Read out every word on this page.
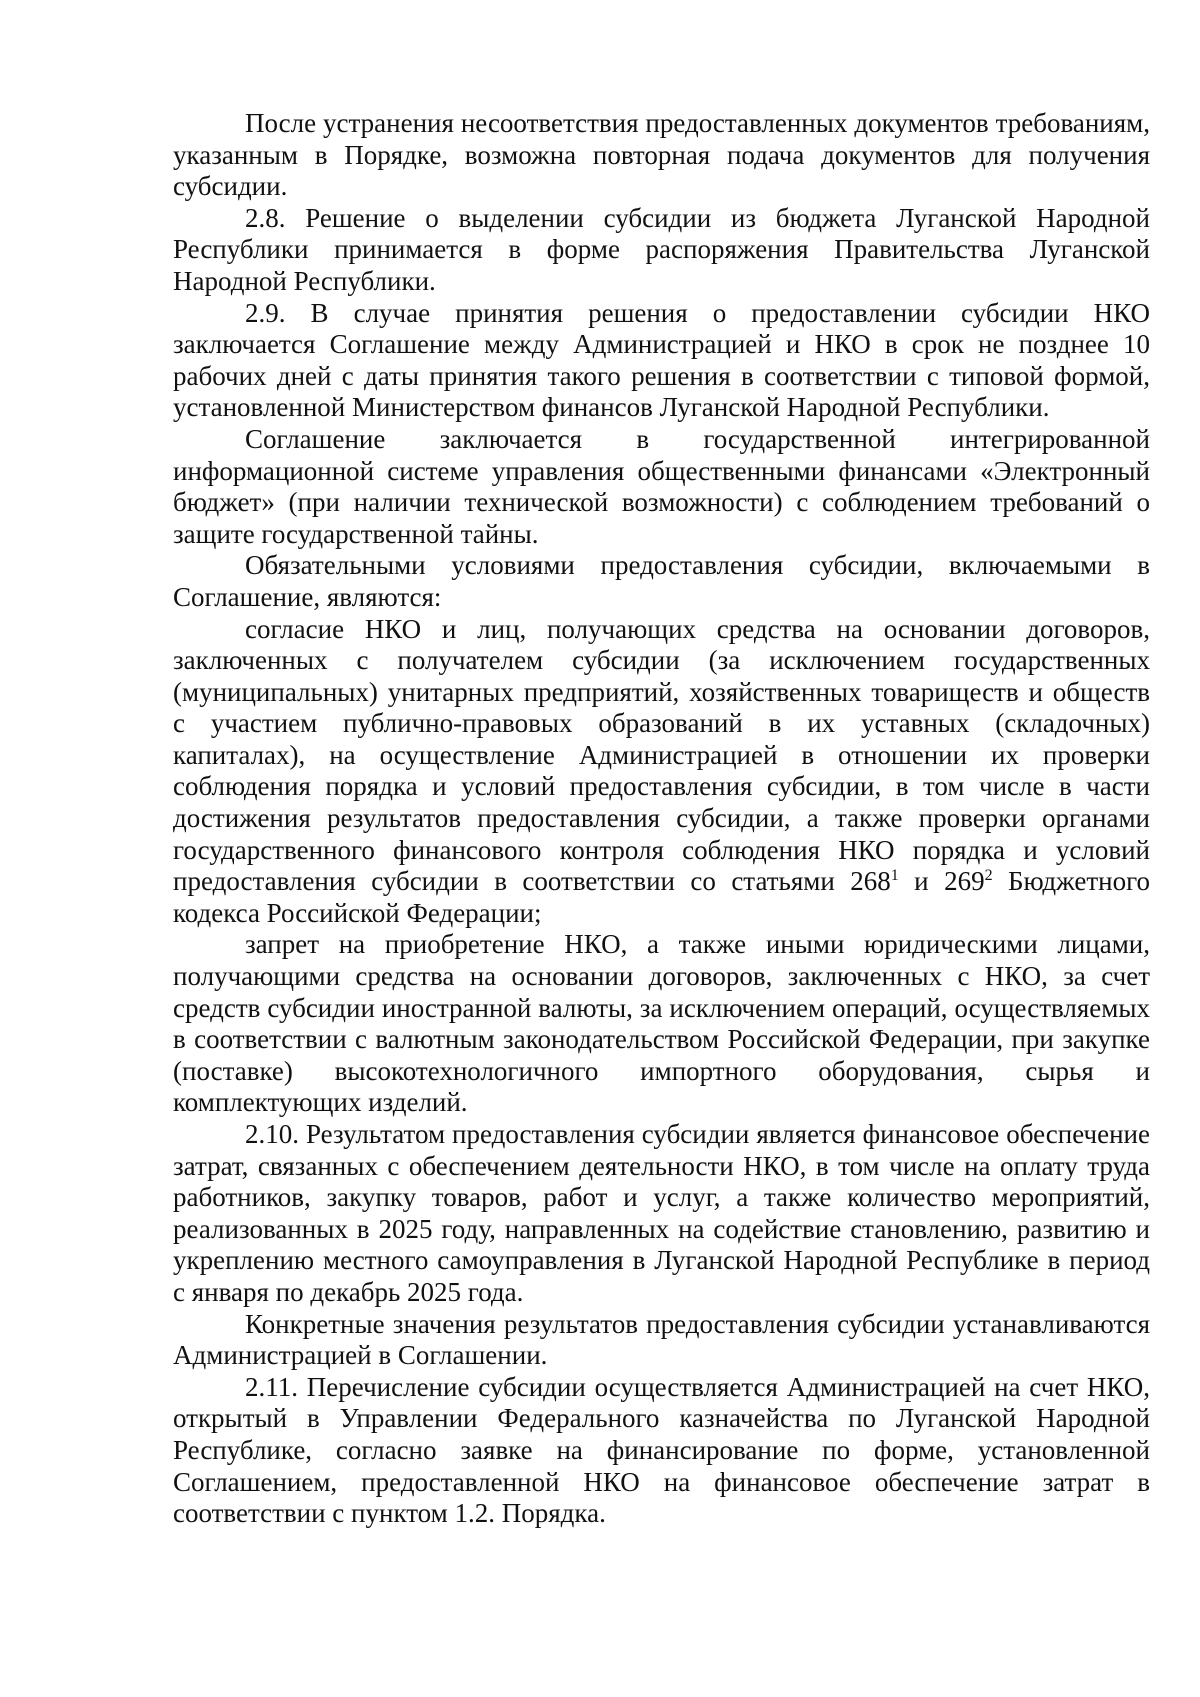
После устранения несоответствия предоставленных документов требованиям, указанным в Порядке, возможна повторная подача документов для получения субсидии.

2.8. Решение о выделении субсидии из бюджета Луганской Народной Республики принимается в форме распоряжения Правительства Луганской Народной Республики.

2.9. В случае принятия решения о предоставлении субсидии НКО заключается Соглашение между Администрацией и НКО в срок не позднее 10 рабочих дней с даты принятия такого решения в соответствии с типовой формой, установленной Министерством финансов Луганской Народной Республики.

Соглашение заключается в государственной интегрированной информационной системе управления общественными финансами «Электронный бюджет» (при наличии технической возможности) с соблюдением требований о защите государственной тайны.

Обязательными условиями предоставления субсидии, включаемыми в Соглашение, являются:

согласие НКО и лиц, получающих средства на основании договоров, заключенных с получателем субсидии (за исключением государственных (муниципальных) унитарных предприятий, хозяйственных товариществ и обществ с участием публично-правовых образований в их уставных (складочных) капиталах), на осуществление Администрацией в отношении их проверки соблюдения порядка и условий предоставления субсидии, в том числе в части достижения результатов предоставления субсидии, а также проверки органами государственного финансового контроля соблюдения НКО порядка и условий предоставления субсидии в соответствии со статьями $268^1$ и $269^2$ Бюджетного кодекса Российской Федерации;

запрет на приобретение НКО, а также иными юридическими лицами, получающими средства на основании договоров, заключенных с НКО, за счет средств субсидии иностранной валюты, за исключением операций, осуществляемых в соответствии с валютным законодательством Российской Федерации, при закупке (поставке) высокотехнологичного импортного оборудования, сырья и комплектующих изделий.

2.10. Результатом предоставления субсидии является финансовое обеспечение затрат, связанных с обеспечением деятельности НКО, в том числе на оплату труда работников, закупку товаров, работ и услуг, а также количество мероприятий, реализованных в 2025 году, направленных на содействие становлению, развитию и укреплению местного самоуправления в Луганской Народной Республике в период с января по декабрь 2025 года.

Конкретные значения результатов предоставления субсидии устанавливаются Администрацией в Соглашении.

2.11. Перечисление субсидии осуществляется Администрацией на счет НКО, открытый в Управлении Федерального казначейства по Луганской Народной Республике, согласно заявке на финансирование по форме, установленной Соглашением, предоставленной НКО на финансовое обеспечение затрат в соответствии с пунктом 1.2. Порядка.
